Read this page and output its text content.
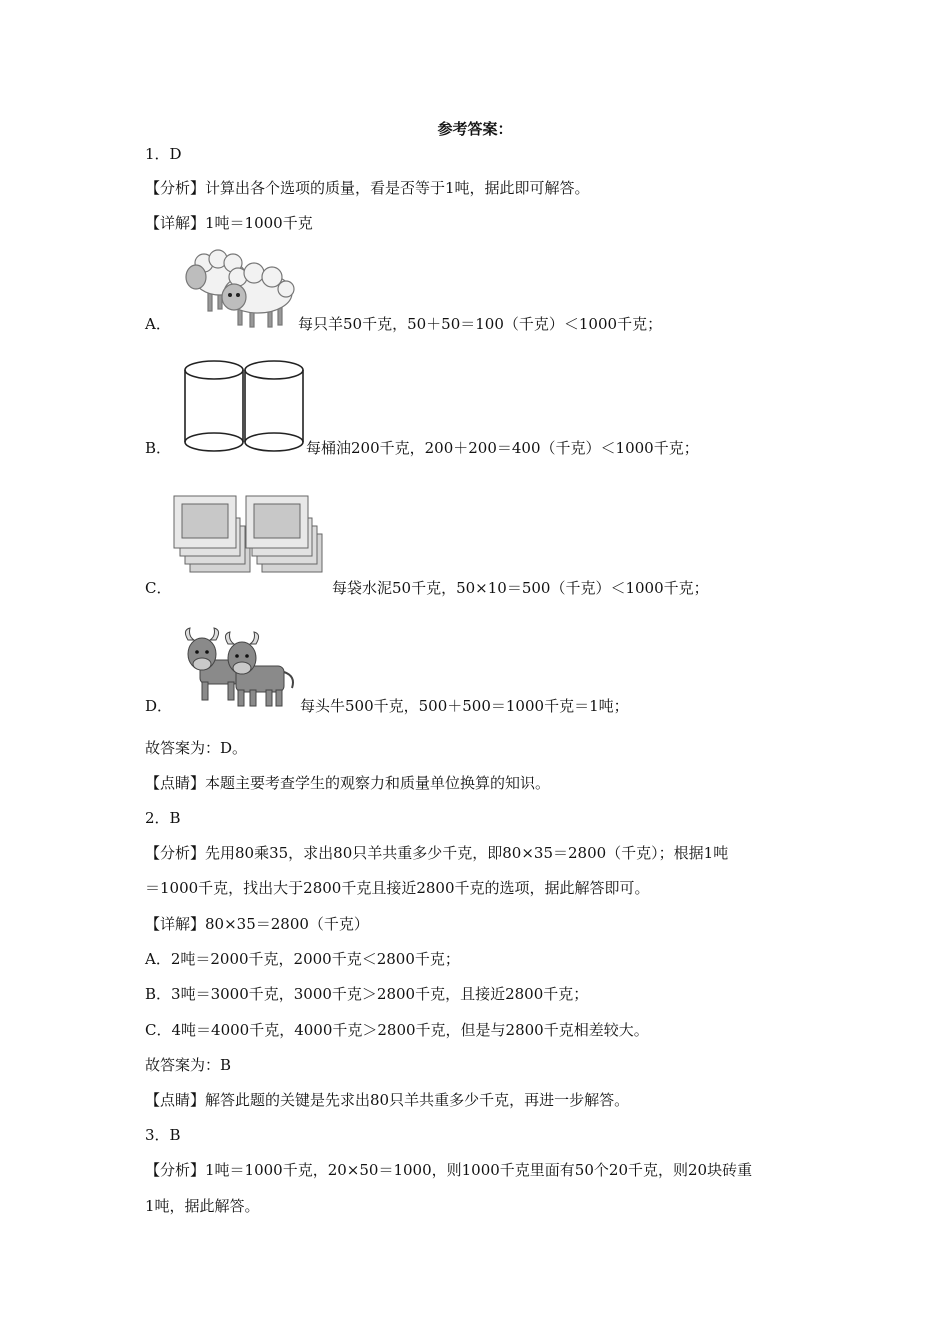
参考答案：
1．D
【分析】计算出各个选项的质量，看是否等于1吨，据此即可解答。
【详解】1吨＝1000千克
A．	每只羊50千克，50＋50＝100（千克）＜1000千克；
B．	每桶油200千克，200＋200＝400（千克）＜1000千克；
C．	每袋水泥50千克，50×10＝500（千克）＜1000千克；
D．	每头牛500千克，500＋500＝1000千克＝1吨；
故答案为：D。
【点睛】本题主要考查学生的观察力和质量单位换算的知识。
2．B
【分析】先用80乘35，求出80只羊共重多少千克，即80×35＝2800（千克）；根据1吨
＝1000千克，找出大于2800千克且接近2800千克的选项，据此解答即可。
【详解】80×35＝2800（千克）
A．2吨＝2000千克，2000千克＜2800千克；
B．3吨＝3000千克，3000千克＞2800千克，且接近2800千克；
C．4吨＝4000千克，4000千克＞2800千克，但是与2800千克相差较大。
故答案为：B
【点睛】解答此题的关键是先求出80只羊共重多少千克，再进一步解答。
3．B
【分析】1吨＝1000千克，20×50＝1000，则1000千克里面有50个20千克，则20块砖重
1吨，据此解答。
